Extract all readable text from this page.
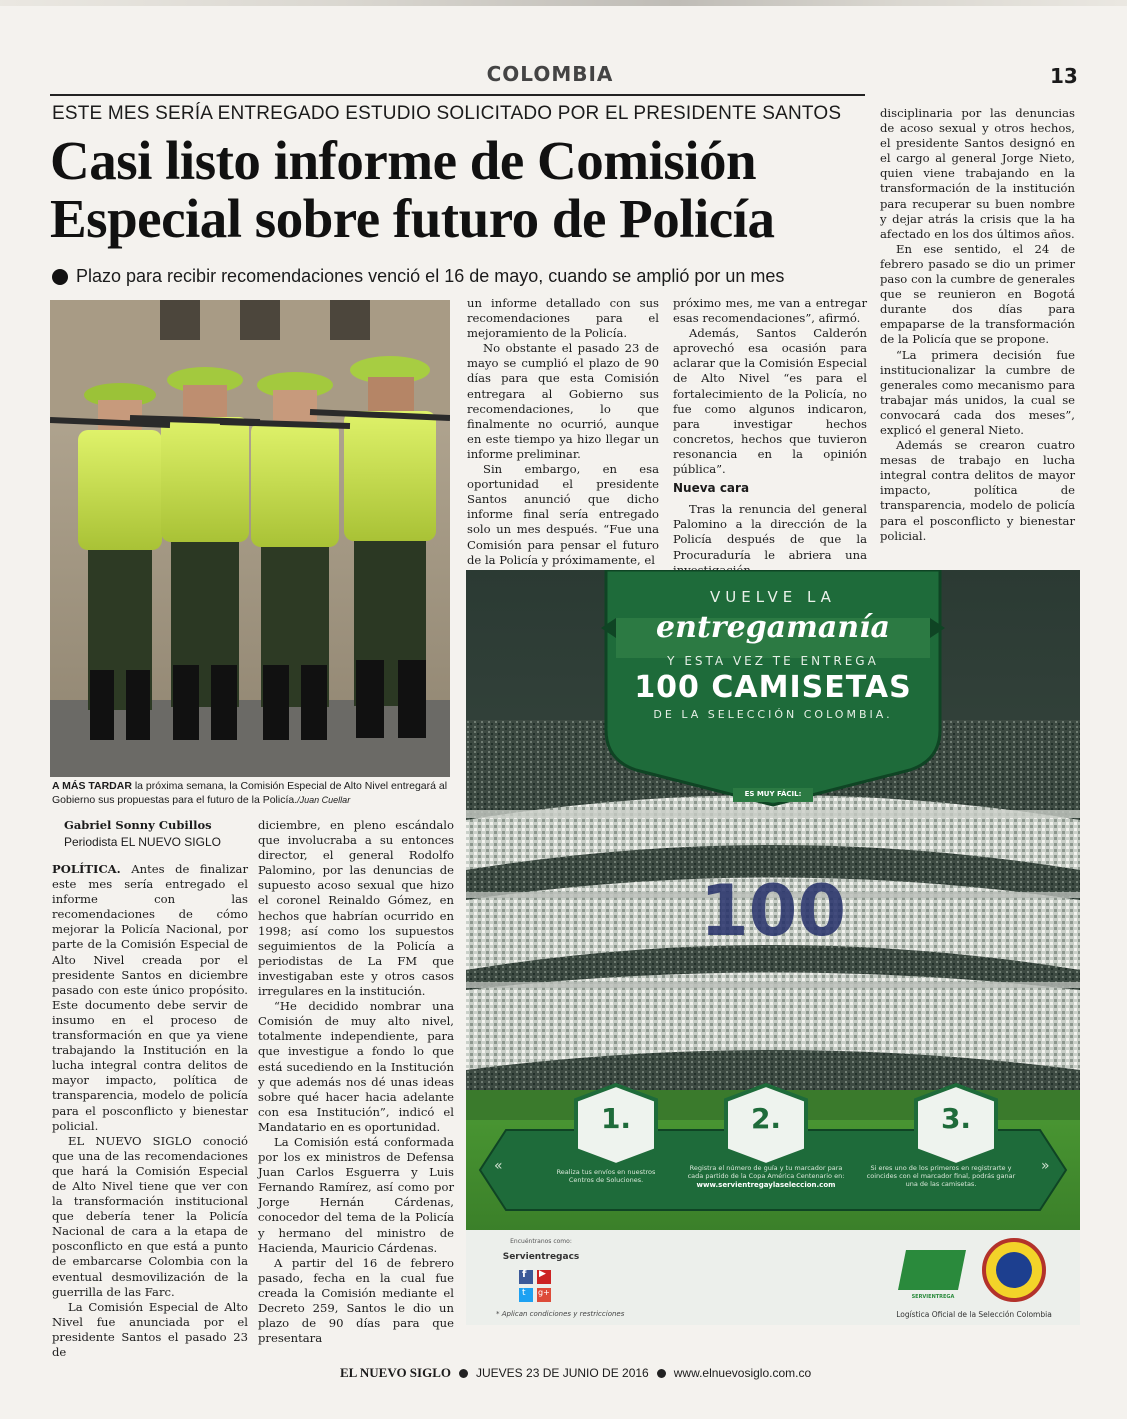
COLOMBIA	13
ESTE MES SERÍA ENTREGADO ESTUDIO SOLICITADO POR EL PRESIDENTE SANTOS
Casi listo informe de Comisión
Especial sobre futuro de Policía
Plazo para recibir recomendaciones venció el 16 de mayo, cuando se amplió por un mes
A MÁS TARDAR la próxima semana, la Comisión Especial de Alto Nivel entregará al Gobierno sus propuestas para el futuro de la Policía./Juan Cuellar
Gabriel Sonny Cubillos
Periodista EL NUEVO SIGLO

POLÍTICA. Antes de finalizar este mes sería entregado el informe con las recomendaciones de cómo mejorar la Policía Nacional, por parte de la Comisión Especial de Alto Nivel creada por el presidente Santos en diciembre pasado con este único propósito. Este documento debe servir de insumo en el proceso de transformación en que ya viene trabajando la Institución en la lucha integral contra delitos de mayor impacto, política de transparencia, modelo de policía para el posconflicto y bienestar policial.

EL NUEVO SIGLO conoció que una de las recomendaciones que hará la Comisión Especial de Alto Nivel tiene que ver con la transformación institucional que debería tener la Policía Nacional de cara a la etapa de posconflicto en que está a punto de embarcarse Colombia con la eventual desmovilización de la guerrilla de las Farc.

La Comisión Especial de Alto Nivel fue anunciada por el presidente Santos el pasado 23 de

diciembre, en pleno escándalo que involucraba a su entonces director, el general Rodolfo Palomino, por las denuncias de supuesto acoso sexual que hizo el coronel Reinaldo Gómez, en hechos que habrían ocurrido en 1998; así como los supuestos seguimientos de la Policía a periodistas de La FM que investigaban este y otros casos irregulares en la institución.

“He decidido nombrar una Comisión de muy alto nivel, totalmente independiente, para que investigue a fondo lo que está sucediendo en la Institución y que además nos dé unas ideas sobre qué hacer hacia adelante con esa Institución”, indicó el Mandatario en es oportunidad.

La Comisión está conformada por los ex ministros de Defensa Juan Carlos Esguerra y Luis Fernando Ramírez, así como por Jorge Hernán Cárdenas, conocedor del tema de la Policía y hermano del ministro de Hacienda, Mauricio Cárdenas.

A partir del 16 de febrero pasado, fecha en la cual fue creada la Comisión mediante el Decreto 259, Santos le dio un plazo de 90 días para que presentara

un informe detallado con sus recomendaciones para el mejoramiento de la Policía.

No obstante el pasado 23 de mayo se cumplió el plazo de 90 días para que esta Comisión entregara al Gobierno sus recomendaciones, lo que finalmente no ocurrió, aunque en este tiempo ya hizo llegar un informe preliminar.

Sin embargo, en esa oportunidad el presidente Santos anunció que dicho informe final sería entregado solo un mes después. “Fue una Comisión para pensar el futuro de la Policía y próximamente, el

próximo mes, me van a entregar esas recomendaciones”, afirmó.

Además, Santos Calderón aprovechó esa ocasión para aclarar que la Comisión Especial de Alto Nivel “es para el fortalecimiento de la Policía, no fue como algunos indicaron, para investigar hechos concretos, hechos que tuvieron resonancia en la opinión pública”.

Nueva cara

Tras la renuncia del general Palomino a la dirección de la Policía después de que la Procuraduría le abriera una

disciplinaria por las denuncias de acoso sexual y otros hechos, el presidente Santos designó en el cargo al general Jorge Nieto, quien viene trabajando en la transformación de la institución para recuperar su buen nombre y dejar atrás la crisis que la ha afectado en los dos últimos años.

En ese sentido, el 24 de febrero pasado se dio un primer paso con la cumbre de generales que se reunieron en Bogotá durante dos días para empaparse de la transformación de la Policía que se propone.

“La primera decisión fue institucionalizar la cumbre de generales como mecanismo para trabajar más unidos, la cual se convocará cada dos meses”, explicó el general Nieto.

Además se crearon cuatro mesas de trabajo en lucha integral contra delitos de mayor impacto, política de transparencia, modelo de policía para el posconflicto y bienestar policial.

VUELVE LA
entregamanía
Y ESTA VEZ TE ENTREGA
100 CAMISETAS
DE LA SELECCIÓN COLOMBIA.
100
ES MUY FÁCIL:
1.	2.	3.
Realiza tus envíos en nuestros Centros de Soluciones.
Registra el número de guía y tu marcador para cada partido de la Copa América Centenario en:
www.servientregaylaseleccion.com
Si eres uno de los primeros en registrarte y coincides con el marcador final, podrás ganar una de las camisetas.
«	»
Encuéntranos como:
Servientregacs
f ▶
t g+
* Aplican condiciones y restricciones
SERVIENTREGA
Logística Oficial de la Selección Colombia
EL NUEVO SIGLO JUEVES 23 DE JUNIO DE 2016 www.elnuevosiglo.com.co
